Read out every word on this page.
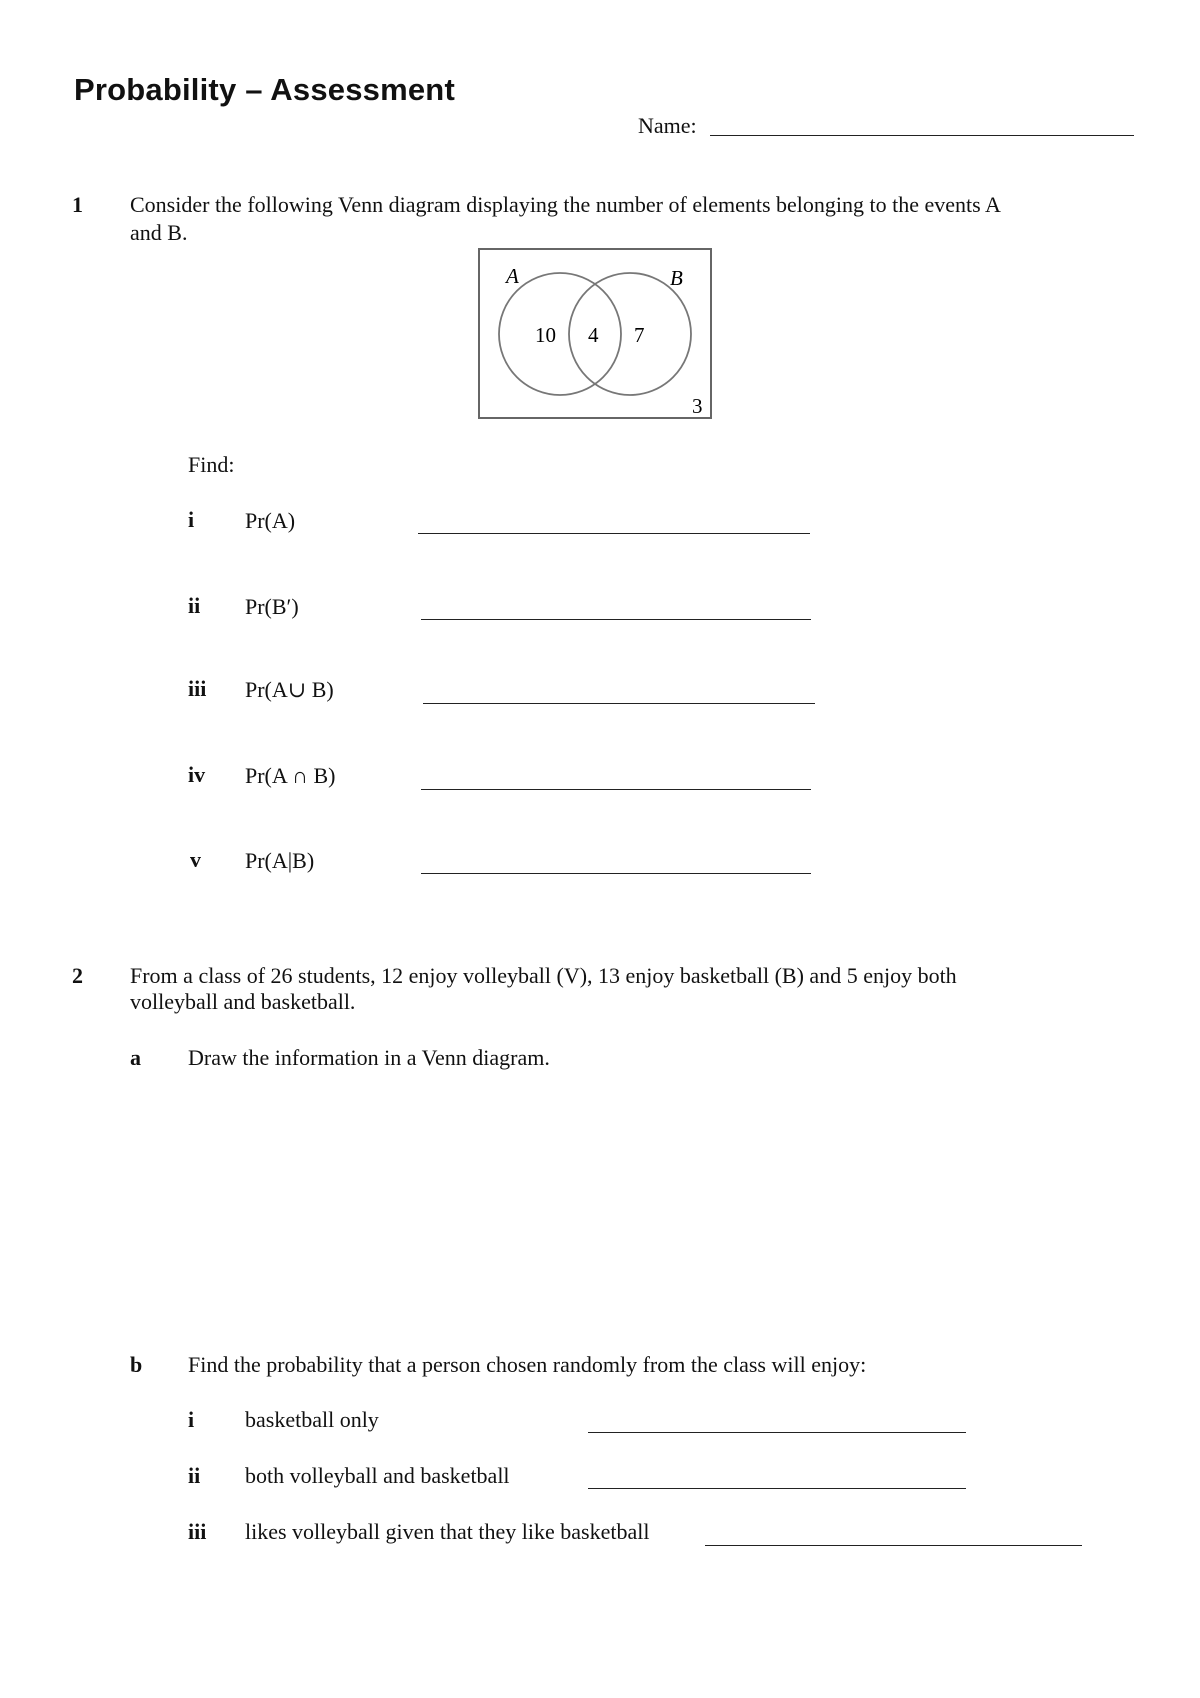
Probability – Assessment
Name:
1 Consider the following Venn diagram displaying the number of elements belonging to the events A
and B.
A	B
10 4 7
3
Find:
i Pr(A)
ii Pr(B′)
iii Pr(A∪ B)
iv Pr(A ∩ B)
v Pr(A|B)
2 From a class of 26 students, 12 enjoy volleyball (V), 13 enjoy basketball (B) and 5 enjoy both
volleyball and basketball.
a Draw the information in a Venn diagram.
b Find the probability that a person chosen randomly from the class will enjoy:
i basketball only
ii both volleyball and basketball
iii likes volleyball given that they like basketball
